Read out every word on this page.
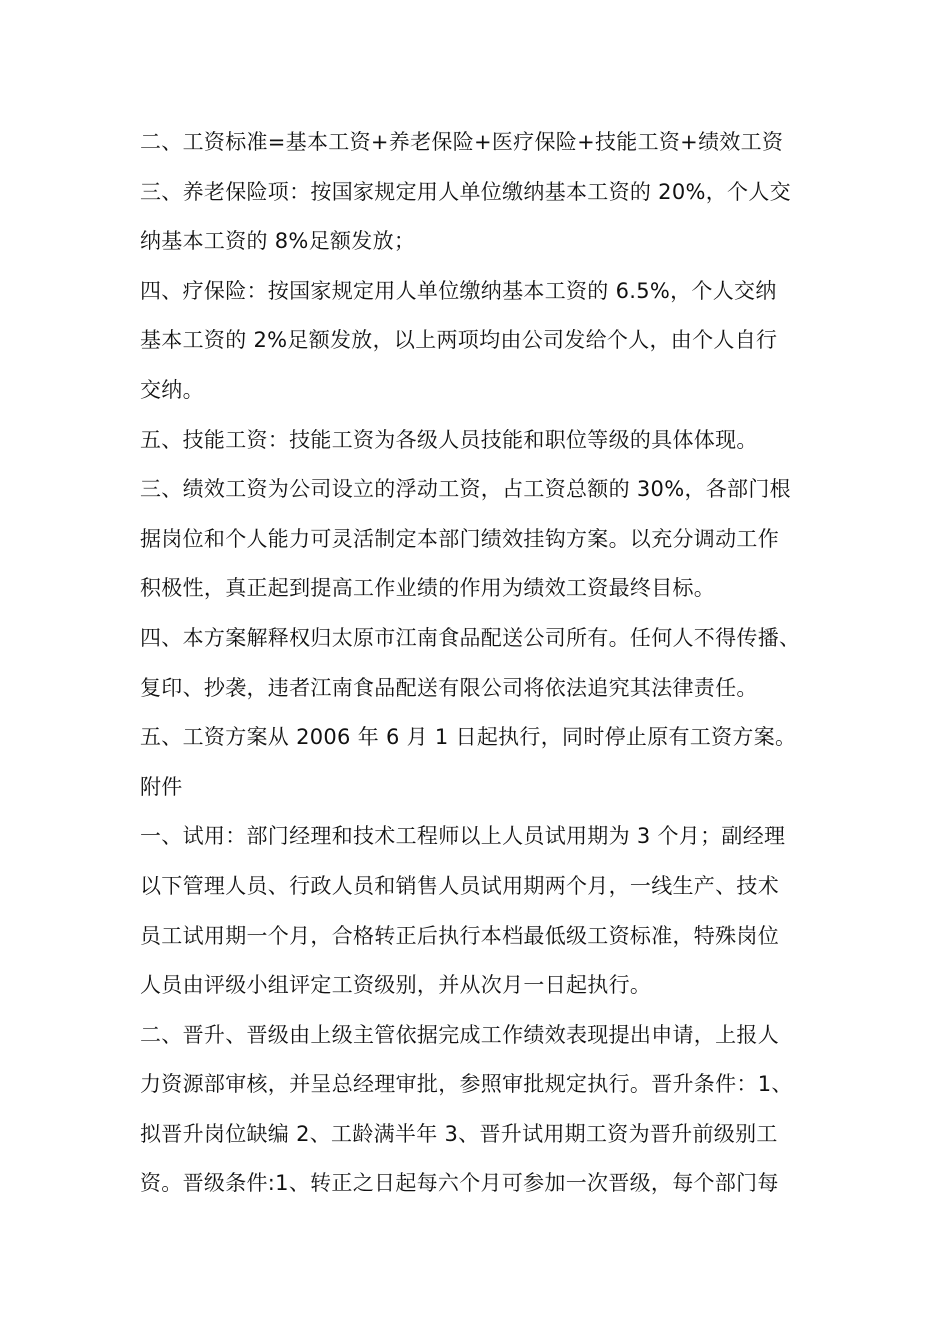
二、工资标准=基本工资+养老保险+医疗保险+技能工资+绩效工资
三、养老保险项：按国家规定用人单位缴纳基本工资的 20%，个人交
纳基本工资的 8%足额发放；
四、疗保险：按国家规定用人单位缴纳基本工资的 6.5%，个人交纳
基本工资的 2%足额发放，以上两项均由公司发给个人，由个人自行
交纳。
五、技能工资：技能工资为各级人员技能和职位等级的具体体现。
三、绩效工资为公司设立的浮动工资，占工资总额的 30%，各部门根
据岗位和个人能力可灵活制定本部门绩效挂钩方案。以充分调动工作
积极性，真正起到提高工作业绩的作用为绩效工资最终目标。
四、本方案解释权归太原市江南食品配送公司所有。任何人不得传播、
复印、抄袭，违者江南食品配送有限公司将依法追究其法律责任。
五、工资方案从 2006 年 6 月 1 日起执行，同时停止原有工资方案。
附件
一、试用：部门经理和技术工程师以上人员试用期为 3 个月；副经理
以下管理人员、行政人员和销售人员试用期两个月，一线生产、技术
员工试用期一个月，合格转正后执行本档最低级工资标准，特殊岗位
人员由评级小组评定工资级别，并从次月一日起执行。
二、晋升、晋级由上级主管依据完成工作绩效表现提出申请，上报人
力资源部审核，并呈总经理审批，参照审批规定执行。晋升条件：1、
拟晋升岗位缺编 2、工龄满半年 3、晋升试用期工资为晋升前级别工
资。晋级条件:1、转正之日起每六个月可参加一次晋级，每个部门每
